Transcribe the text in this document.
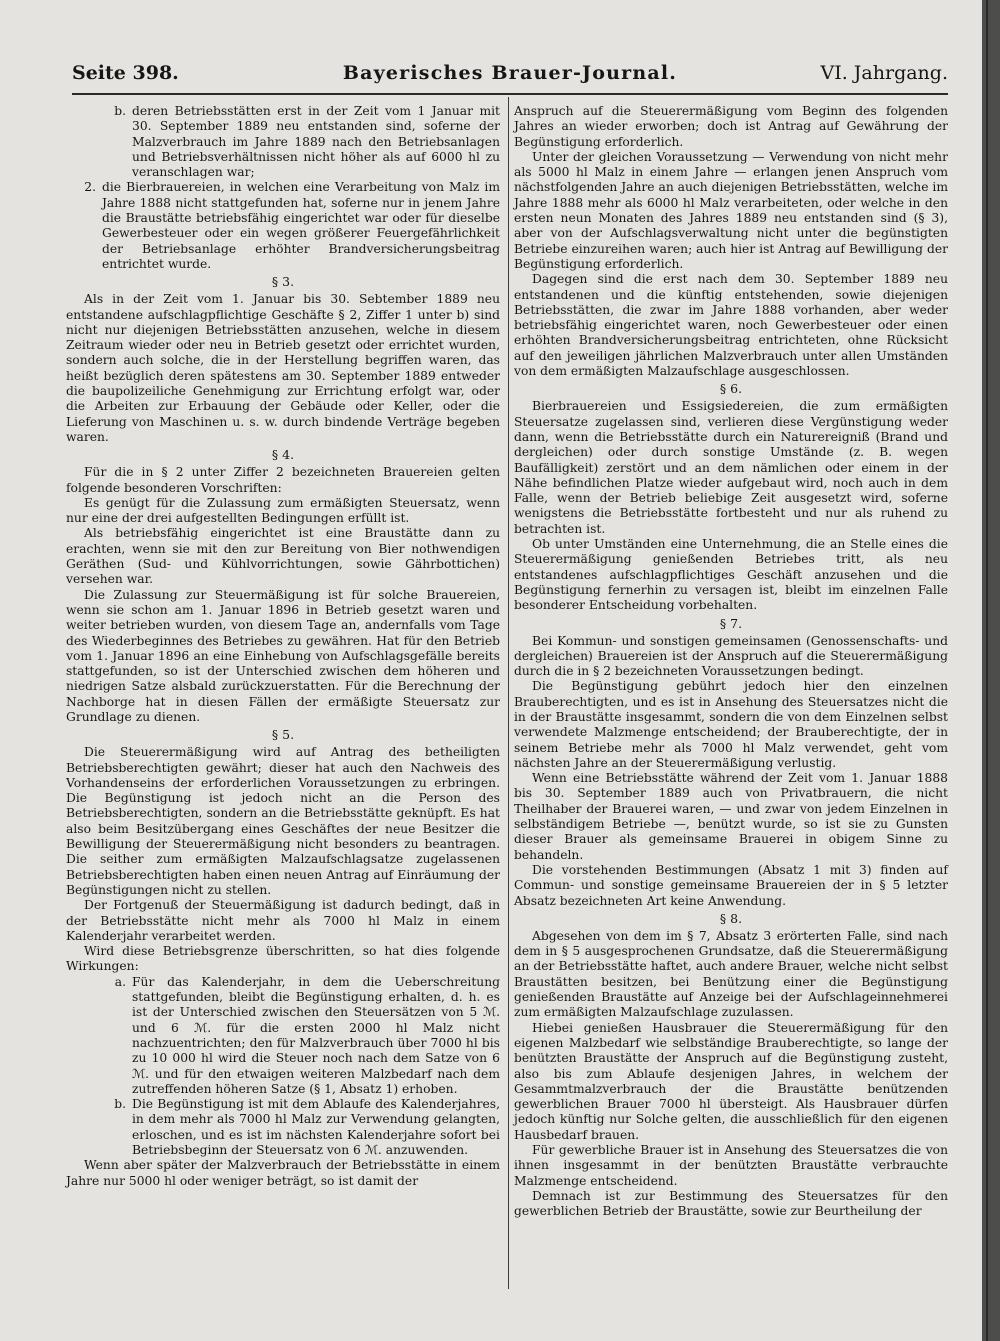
Bayerisches Brauer-Journal.
Seite 398.	VI. Jahrgang.
b. deren Betriebsstätten erst in der Zeit vom 1 Januar mit 30. September 1889 neu entstanden sind, soferne der Malzverbrauch im Jahre 1889 nach den Betriebsanlagen und Betriebsverhältnissen nicht höher als auf 6000 hl zu veranschlagen war;
2. die Bierbrauereien, in welchen eine Verarbeitung von Malz im Jahre 1888 nicht stattgefunden hat, soferne nur in jenem Jahre die Braustätte betriebsfähig eingerichtet war oder für dieselbe Gewerbesteuer oder ein wegen größerer Feuergefährlichkeit der Betriebsanlage erhöhter Brandversicherungsbeitrag entrichtet wurde.
§ 3.

Als in der Zeit vom 1. Januar bis 30. Sebtember 1889 neu entstandene aufschlagpflichtige Geschäfte § 2, Ziffer 1 unter b) sind nicht nur diejenigen Betriebsstätten anzusehen, welche in diesem Zeitraum wieder oder neu in Betrieb gesetzt oder errichtet wurden, sondern auch solche, die in der Herstellung begriffen waren, das heißt bezüglich deren spätestens am 30. September 1889 entweder die baupolizeiliche Genehmigung zur Errichtung erfolgt war, oder die Arbeiten zur Erbauung der Gebäude oder Keller, oder die Lieferung von Maschinen u. s. w. durch bindende Verträge begeben waren.

§ 4.

Für die in § 2 unter Ziffer 2 bezeichneten Brauereien gelten folgende besonderen Vorschriften:

Es genügt für die Zulassung zum ermäßigten Steuersatz, wenn nur eine der drei aufgestellten Bedingungen erfüllt ist.

Als betriebsfähig eingerichtet ist eine Braustätte dann zu erachten, wenn sie mit den zur Bereitung von Bier nothwendigen Geräthen (Sud- und Kühlvorrichtungen, sowie Gährbottichen) versehen war.

Die Zulassung zur Steuermäßigung ist für solche Brauereien, wenn sie schon am 1. Januar 1896 in Betrieb gesetzt waren und weiter betrieben wurden, von diesem Tage an, andernfalls vom Tage des Wiederbeginnes des Betriebes zu gewähren. Hat für den Betrieb vom 1. Januar 1896 an eine Einhebung von Aufschlagsgefälle bereits stattgefunden, so ist der Unterschied zwischen dem höheren und niedrigen Satze alsbald zurückzuerstatten. Für die Berechnung der Nachborge hat in diesen Fällen der ermäßigte Steuersatz zur Grundlage zu dienen.

§ 5.

Die Steuerermäßigung wird auf Antrag des betheiligten Betriebsberechtigten gewährt; dieser hat auch den Nachweis des Vorhandenseins der erforderlichen Voraussetzungen zu erbringen. Die Begünstigung ist jedoch nicht an die Person des Betriebsberechtigten, sondern an die Betriebsstätte geknüpft. Es hat also beim Besitzübergang eines Geschäftes der neue Besitzer die Bewilligung der Steuerermäßigung nicht besonders zu beantragen. Die seither zum ermäßigten Malzaufschlagsatze zugelassenen Betriebsberechtigten haben einen neuen Antrag auf Einräumung der Begünstigungen nicht zu stellen.

Der Fortgenuß der Steuermäßigung ist dadurch bedingt, daß in der Betriebsstätte nicht mehr als 7000 hl Malz in einem Kalenderjahr verarbeitet werden.

Wird diese Betriebsgrenze überschritten, so hat dies folgende Wirkungen:

a. Für das Kalenderjahr, in dem die Ueberschreitung stattgefunden, bleibt die Begünstigung erhalten, d. h. es ist der Unterschied zwischen den Steuersätzen von 5 ℳ. und 6 ℳ. für die ersten 2000 hl Malz nicht nachzuentrichten; den für Malzverbrauch über 7000 hl bis zu 10 000 hl wird die Steuer noch nach dem Satze von 6 ℳ. und für den etwaigen weiteren Malzbedarf nach dem zutreffenden höheren Satze (§ 1, Absatz 1) erhoben.
b. Die Begünstigung ist mit dem Ablaufe des Kalenderjahres, in dem mehr als 7000 hl Malz zur Verwendung gelangten, erloschen, und es ist im nächsten Kalenderjahre sofort bei Betriebsbeginn der Steuersatz von 6 ℳ. anzuwenden.

Wenn aber später der Malzverbrauch der Betriebsstätte in einem Jahre nur 5000 hl oder weniger beträgt, so ist damit der

Anspruch auf die Steuerermäßigung vom Beginn des folgenden Jahres an wieder erworben; doch ist Antrag auf Gewährung der Begünstigung erforderlich.

Unter der gleichen Voraussetzung — Verwendung von nicht mehr als 5000 hl Malz in einem Jahre — erlangen jenen Anspruch vom nächstfolgenden Jahre an auch diejenigen Betriebsstätten, welche im Jahre 1888 mehr als 6000 hl Malz verarbeiteten, oder welche in den ersten neun Monaten des Jahres 1889 neu entstanden sind (§ 3), aber von der Aufschlagsverwaltung nicht unter die begünstigten Betriebe einzureihen waren; auch hier ist Antrag auf Bewilligung der Begünstigung erforderlich.

Dagegen sind die erst nach dem 30. September 1889 neu entstandenen und die künftig entstehenden, sowie diejenigen Betriebsstätten, die zwar im Jahre 1888 vorhanden, aber weder betriebsfähig eingerichtet waren, noch Gewerbesteuer oder einen erhöhten Brandversicherungsbeitrag entrichteten, ohne Rücksicht auf den jeweiligen jährlichen Malzverbrauch unter allen Umständen von dem ermäßigten Malzaufschlage ausgeschlossen.

§ 6.

Bierbrauereien und Essigsiedereien, die zum ermäßigten Steuersatze zugelassen sind, verlieren diese Vergünstigung weder dann, wenn die Betriebsstätte durch ein Naturereigniß (Brand und dergleichen) oder durch sonstige Umstände (z. B. wegen Baufälligkeit) zerstört und an dem nämlichen oder einem in der Nähe befindlichen Platze wieder aufgebaut wird, noch auch in dem Falle, wenn der Betrieb beliebige Zeit ausgesetzt wird, soferne wenigstens die Betriebsstätte fortbesteht und nur als ruhend zu betrachten ist.

Ob unter Umständen eine Unternehmung, die an Stelle eines die Steuerermäßigung genießenden Betriebes tritt, als neu entstandenes aufschlagpflichtiges Geschäft anzusehen und die Begünstigung fernerhin zu versagen ist, bleibt im einzelnen Falle besonderer Entscheidung vorbehalten.

§ 7.

Bei Kommun- und sonstigen gemeinsamen (Genossenschafts- und dergleichen) Brauereien ist der Anspruch auf die Steuerermäßigung durch die in § 2 bezeichneten Voraussetzungen bedingt.

Die Begünstigung gebührt jedoch hier den einzelnen Brauberechtigten, und es ist in Ansehung des Steuersatzes nicht die in der Braustätte insgesammt, sondern die von dem Einzelnen selbst verwendete Malzmenge entscheidend; der Brauberechtigte, der in seinem Betriebe mehr als 7000 hl Malz verwendet, geht vom nächsten Jahre an der Steuerermäßigung verlustig.

Wenn eine Betriebsstätte während der Zeit vom 1. Januar 1888 bis 30. September 1889 auch von Privatbrauern, die nicht Theilhaber der Brauerei waren, — und zwar von jedem Einzelnen in selbständigem Betriebe —, benützt wurde, so ist sie zu Gunsten dieser Brauer als gemeinsame Brauerei in obigem Sinne zu behandeln.

Die vorstehenden Bestimmungen (Absatz 1 mit 3) finden auf Commun- und sonstige gemeinsame Brauereien der in § 5 letzter Absatz bezeichneten Art keine Anwendung.

§ 8.

Abgesehen von dem im § 7, Absatz 3 erörterten Falle, sind nach dem in § 5 ausgesprochenen Grundsatze, daß die Steuerermäßigung an der Betriebsstätte haftet, auch andere Brauer, welche nicht selbst Braustätten besitzen, bei Benützung einer die Begünstigung genießenden Braustätte auf Anzeige bei der Aufschlageinnehmerei zum ermäßigten Malzaufschlage zuzulassen.

Hiebei genießen Hausbrauer die Steuerermäßigung für den eigenen Malzbedarf wie selbständige Brauberechtigte, so lange der benützten Braustätte der Anspruch auf die Begünstigung zusteht, also bis zum Ablaufe desjenigen Jahres, in welchem der Gesammtmalzverbrauch der die Braustätte benützenden gewerblichen Brauer 7000 hl übersteigt. Als Hausbrauer dürfen jedoch künftig nur Solche gelten, die ausschließlich für den eigenen Hausbedarf brauen.

Für gewerbliche Brauer ist in Ansehung des Steuersatzes die von ihnen insgesammt in der benützten Braustätte verbrauchte Malzmenge entscheidend.

Demnach ist zur Bestimmung des Steuersatzes für den gewerblichen Betrieb der Braustätte, sowie zur Beurtheilung der
